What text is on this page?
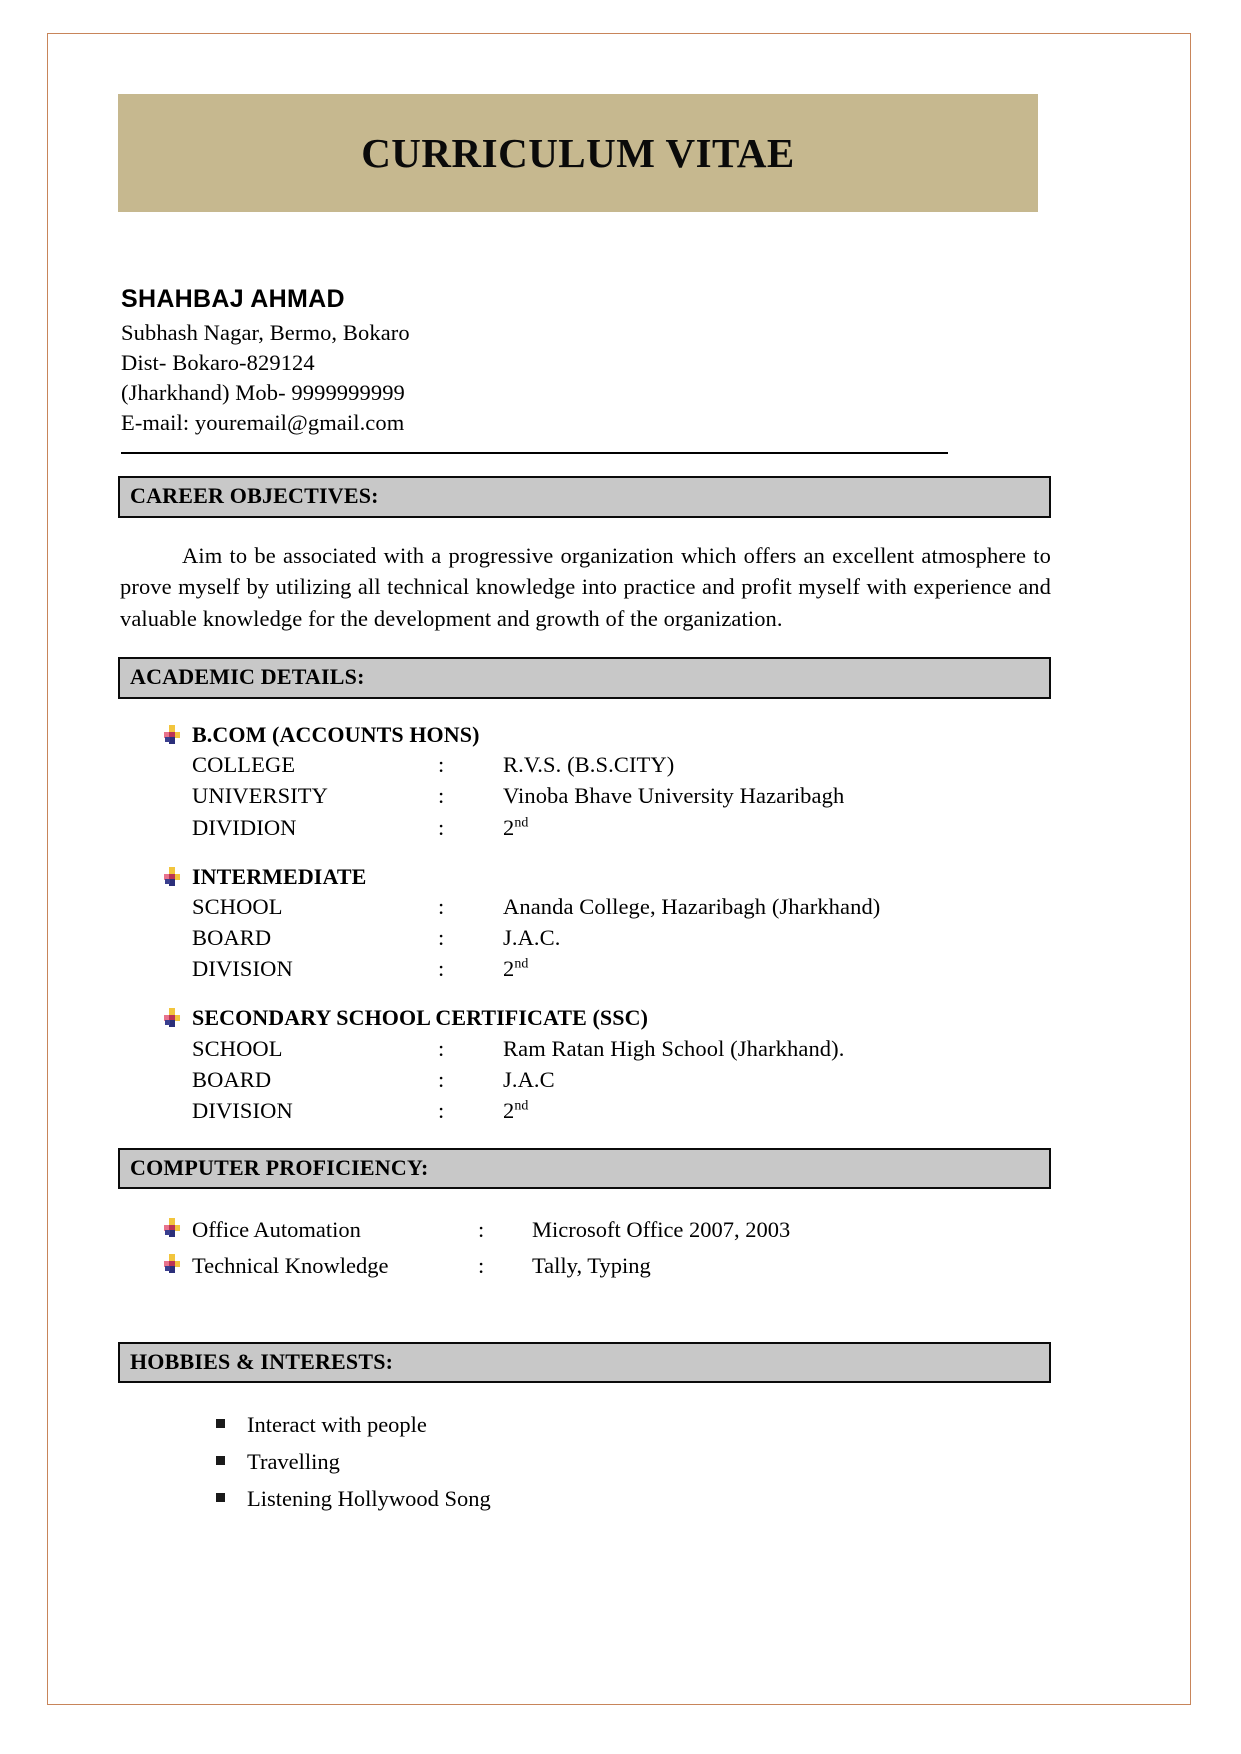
CURRICULUM VITAE
SHAHBAJ AHMAD
Subhash Nagar, Bermo, Bokaro
Dist- Bokaro-829124
(Jharkhand) Mob- 9999999999
E-mail: youremail@gmail.com
CAREER OBJECTIVES:
Aim to be associated with a progressive organization which offers an excellent atmosphere to prove myself by utilizing all technical knowledge into practice and profit myself with experience and valuable knowledge for the development and growth of the organization.
ACADEMIC DETAILS:
B.COM (ACCOUNTS HONS)
COLLEGE	:	R.V.S. (B.S.CITY)
UNIVERSITY	:	Vinoba Bhave University Hazaribagh
DIVIDION	:	2nd
INTERMEDIATE
SCHOOL	:	Ananda College, Hazaribagh (Jharkhand)
BOARD	:	J.A.C.
DIVISION	:	2nd
SECONDARY SCHOOL CERTIFICATE (SSC)
SCHOOL	:	Ram Ratan High School (Jharkhand).
BOARD	:	J.A.C
DIVISION	:	2nd
COMPUTER PROFICIENCY:
Office Automation	:	Microsoft Office 2007, 2003
Technical Knowledge	:	Tally, Typing
HOBBIES & INTERESTS:
Interact with people
Travelling
Listening Hollywood Song
